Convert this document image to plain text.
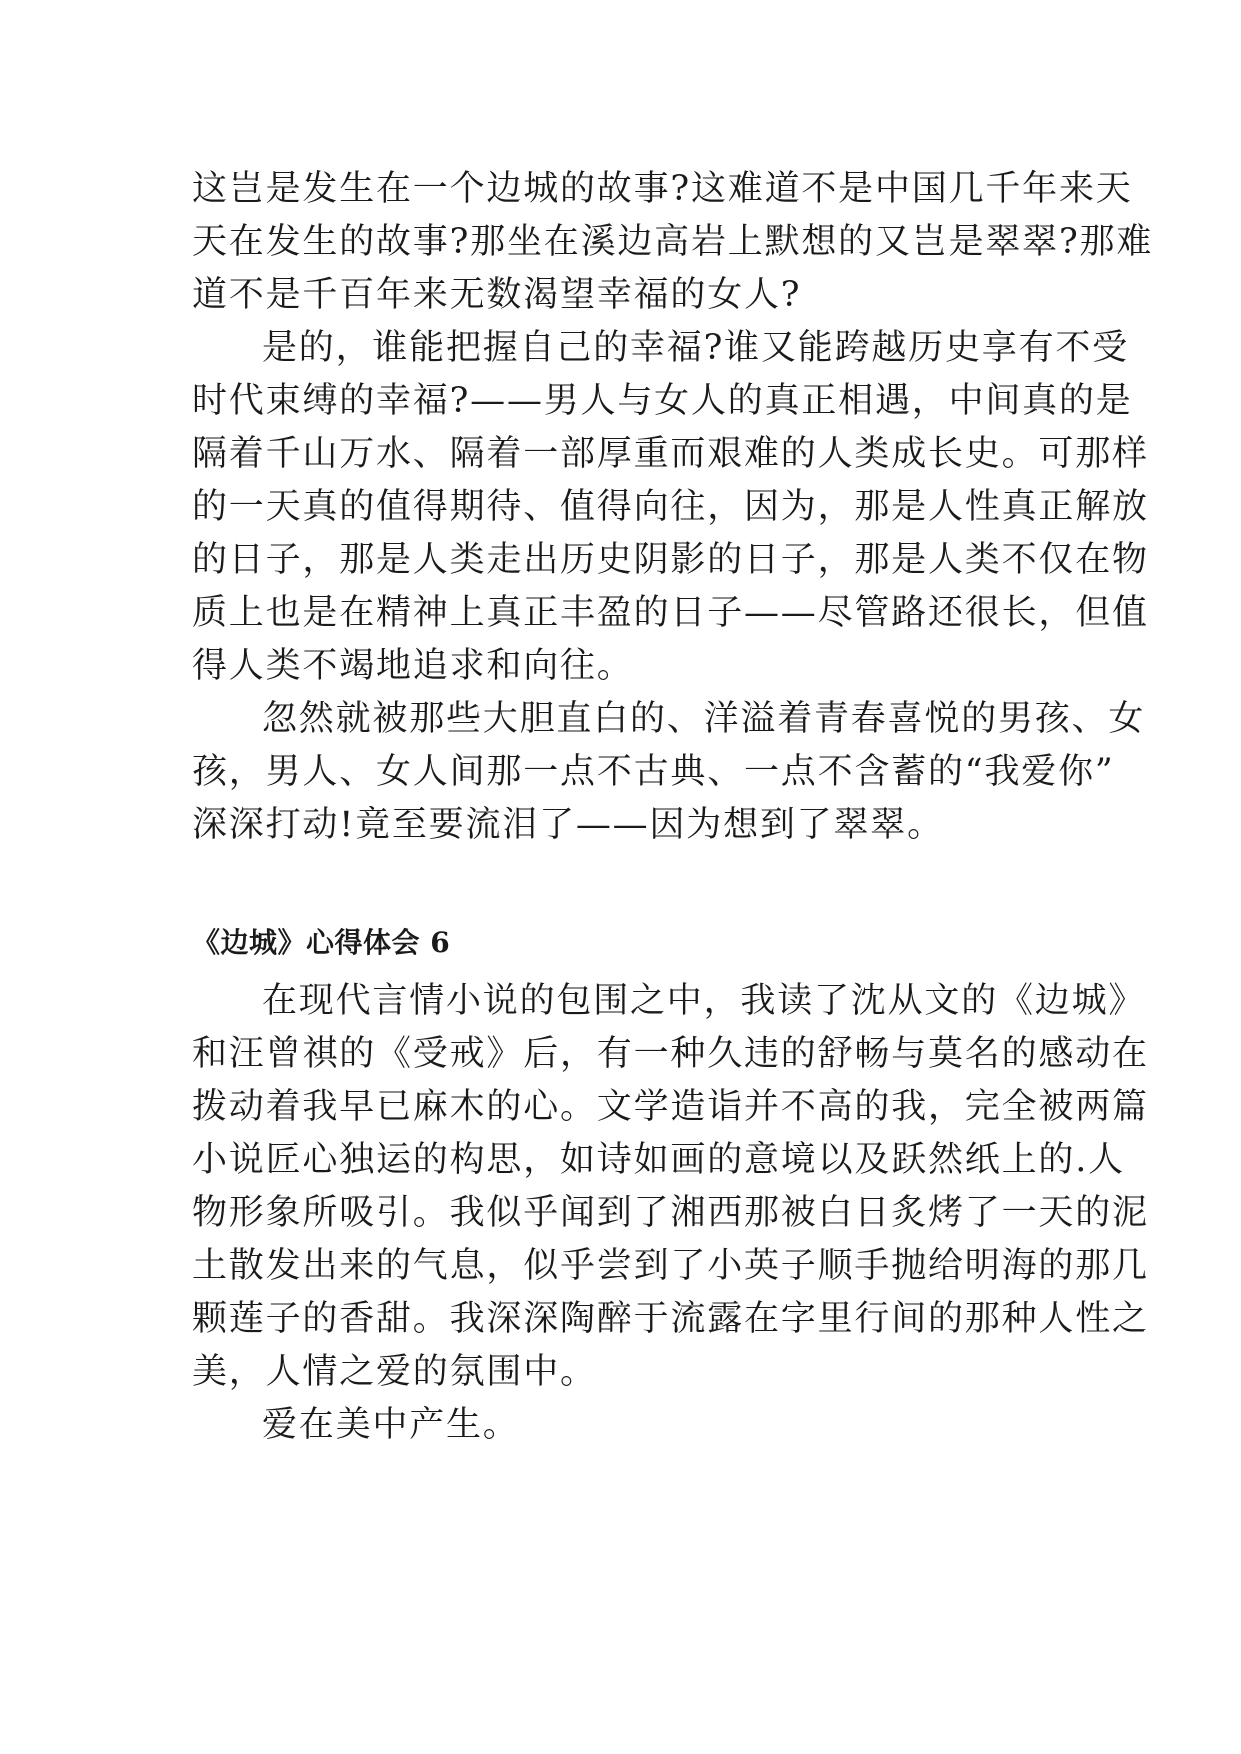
这岂是发生在一个边城的故事?这难道不是中国几千年来天

天在发生的故事?那坐在溪边高岩上默想的又岂是翠翠?那难

道不是千百年来无数渴望幸福的女人?

是的，谁能把握自己的幸福?谁又能跨越历史享有不受

时代束缚的幸福?——男人与女人的真正相遇，中间真的是

隔着千山万水、隔着一部厚重而艰难的人类成长史。可那样

的一天真的值得期待、值得向往，因为，那是人性真正解放

的日子，那是人类走出历史阴影的日子，那是人类不仅在物

质上也是在精神上真正丰盈的日子——尽管路还很长，但值

得人类不竭地追求和向往。

忽然就被那些大胆直白的、洋溢着青春喜悦的男孩、女

孩，男人、女人间那一点不古典、一点不含蓄的“我爱你”

深深打动!竟至要流泪了——因为想到了翠翠。

《边城》心得体会 6

在现代言情小说的包围之中，我读了沈从文的《边城》

和汪曾祺的《受戒》后，有一种久违的舒畅与莫名的感动在

拨动着我早已麻木的心。文学造诣并不高的我，完全被两篇

小说匠心独运的构思，如诗如画的意境以及跃然纸上的.人

物形象所吸引。我似乎闻到了湘西那被白日炙烤了一天的泥

土散发出来的气息，似乎尝到了小英子顺手抛给明海的那几

颗莲子的香甜。我深深陶醉于流露在字里行间的那种人性之

美，人情之爱的氛围中。

爱在美中产生。
